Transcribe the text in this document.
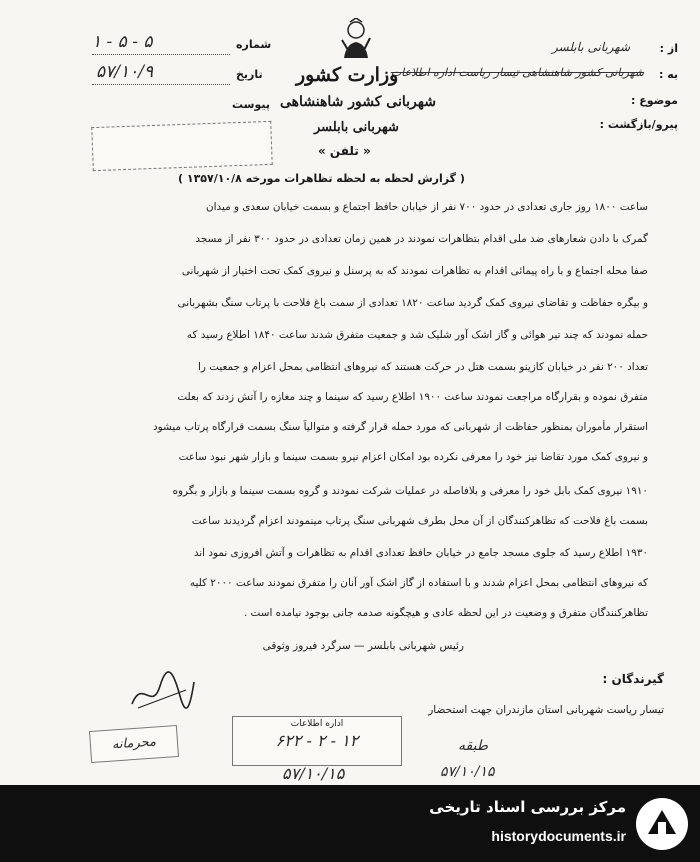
از :
شهربانی بابلسر
به :
شهربانی کشور شاهنشاهی تیسار ریاست اداره اطلاعات
موضوع :
پیرو/بازگشت :
وزارت کشور
شهربانی کشور شاهنشاهی
شهربانی بابلسر
« تلفن »
شماره
۱ - ۵ - ۵
تاریخ
۵۷/۱۰/۹
پیوست
( گزارش لحظه به لحظه تظاهرات مورخه ۱۳۵۷/۱۰/۸ )
ساعت ۱۸۰۰ روز جاری تعدادی در حدود ۷۰۰ نفر از خیابان حافظ اجتماع و بسمت خیابان سعدی و میدان
گمرک با دادن شعارهای ضد ملی اقدام بتظاهرات نمودند در همین زمان تعدادی در حدود ۳۰۰ نفر از مسجد
صفا محله اجتماع و با راه پیمائی اقدام به تظاهرات نمودند که به پرسنل و نیروی کمک تحت اختیار از شهربانی
و بیگره حفاظت و تقاضای نیروی کمک گردید ساعت ۱۸۲۰ تعدادی از سمت باغ فلاحت با پرتاب سنگ بشهربانی
حمله نمودند که چند تیر هوائی و گاز اشک آور شلیک شد و جمعیت متفرق شدند ساعت ۱۸۴۰ اطلاع رسید که
تعداد ۲۰۰ نفر در خیابان کازینو بسمت هتل در حرکت هستند که نیروهای انتظامی بمحل اعزام و جمعیت را
متفرق نموده و بقرارگاه مراجعت نمودند ساعت ۱۹۰۰ اطلاع رسید که سینما و چند مغازه را آتش زدند که بعلت
استقرار مأموران بمنظور حفاظت از شهربانی که مورد حمله قرار گرفته و متوالیاً سنگ بسمت قرارگاه پرتاب میشود
و نیروی کمک مورد تقاضا نیز خود را معرفی نکرده بود امکان اعزام نیرو بسمت سینما و بازار شهر نبود ساعت
۱۹۱۰ نیروی کمک بابل خود را معرفی و بلافاصله در عملیات شرکت نمودند و گروه بسمت سینما و بازار و بگروه
بسمت باغ فلاحت که تظاهرکنندگان از آن محل بطرف شهربانی سنگ پرتاب مینمودند اعزام گردیدند ساعت
۱۹۳۰ اطلاع رسید که جلوی مسجد جامع در خیابان حافظ تعدادی اقدام به تظاهرات و آتش افروزی نمود اند
که نیروهای انتظامی بمحل اعزام شدند و با استفاده از گاز اشک آور آنان را متفرق نمودند ساعت ۲۰۰۰ کلیه
تظاهرکنندگان متفرق و وضعیت در این لحظه عادی و هیچگونه صدمه جانی بوجود نیامده است .
رئیس شهربانی بابلسر — سرگرد فیروز وثوقی
گیرندگان :
تیسار ریاست شهربانی استان مازندران جهت استحضار
محرمانه
اداره اطلاعات
۶۲۲ - ۲ - ۱۲
۵۷/۱۰/۱۵
طبقه
۵۷/۱۰/۱۵
مرکز بررسی اسناد تاریخی
historydocuments.ir
